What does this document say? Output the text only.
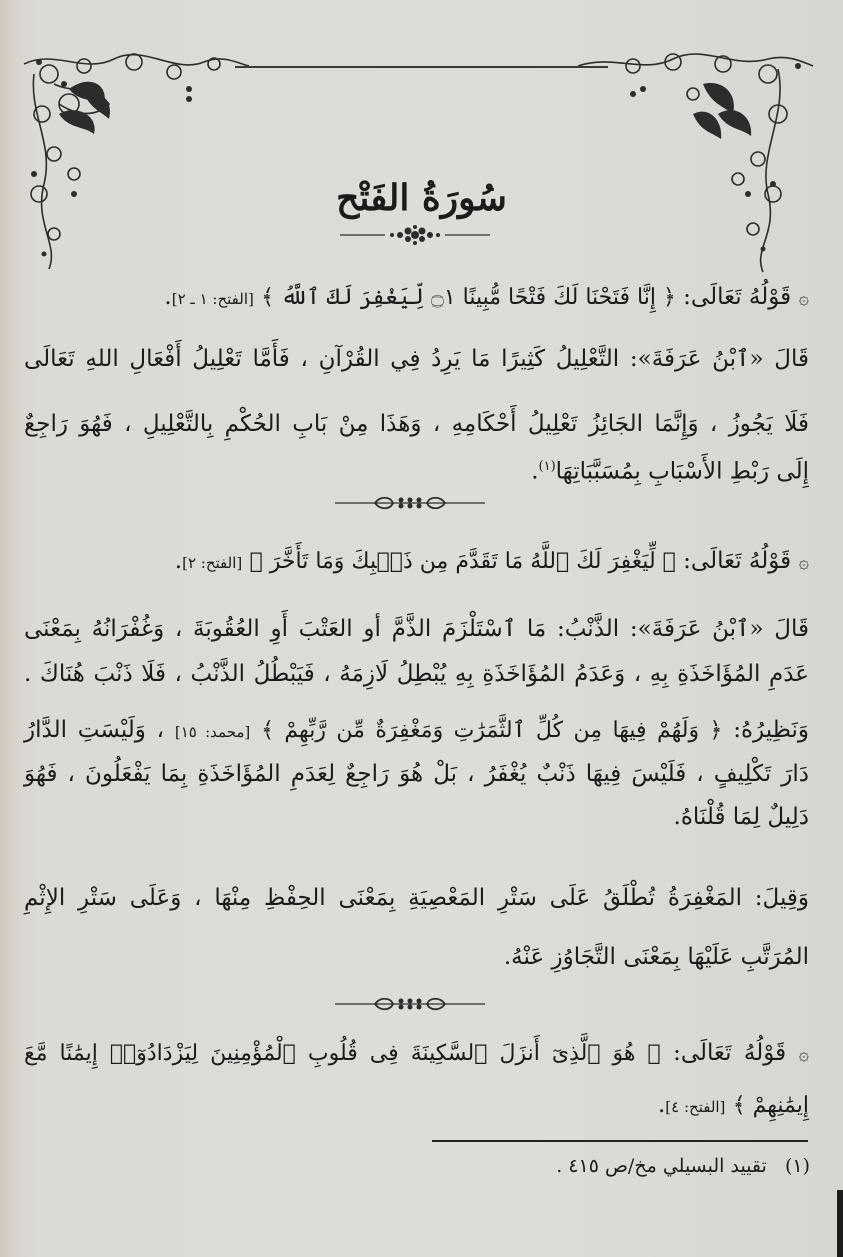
سُورَةُ الفَتْح
۞ قَوْلُهُ تَعَالَى: ﴿ إِنَّا فَتَحْنَا لَكَ فَتْحًا مُّبِينًا ۝١ لِّيَغْفِرَ لَكَ ٱللَّهُ ﴾ [الفتح: ١ ـ ٢].
قَالَ «ٱبْنُ عَرَفَةَ»: التَّعْلِيلُ كَثِيرًا مَا يَرِدُ فِي القُرْآنِ ، فَأَمَّا تَعْلِيلُ أَفْعَالِ اللهِ تَعَالَى
فَلَا يَجُوزُ ، وَإِنَّمَا الجَائِزُ تَعْلِيلُ أَحْكَامِهِ ، وَهَذَا مِنْ بَابِ الحُكْمِ بِالتَّعْلِيلِ ، فَهُوَ رَاجِعٌ
إِلَى رَبْطِ الأَسْبَابِ بِمُسَبَّبَاتِهَا$^{(١)}$.
۞ قَوْلُهُ تَعَالَى: ﴿ لِّيَغْفِرَ لَكَ ٱللَّهُ مَا تَقَدَّمَ مِن ذَنۢبِكَ وَمَا تَأَخَّرَ ﴾ [الفتح: ٢].
قَالَ «ٱبْنُ عَرَفَةَ»: الذَّنْبُ: مَا ٱسْتَلْزَمَ الذَّمَّ أو العَتْبَ أَوِ العُقُوبَةَ ، وَغُفْرَانُهُ بِمَعْنَى
عَدَمِ المُؤَاخَذَةِ بِهِ ، وَعَدَمُ المُؤَاخَذَةِ بِهِ يُبْطِلُ لَازِمَهُ ، فَيَبْطُلُ الذَّنْبُ ، فَلَا ذَنْبَ هُنَاكَ .
وَنَظِيرُهُ: ﴿ وَلَهُمْ فِيهَا مِن كُلِّ ٱلثَّمَرَٰتِ وَمَغْفِرَةٌ مِّن رَّبِّهِمْ ﴾ [محمد: ١٥] ، وَلَيْسَتِ الدَّارُ
دَارَ تَكْلِيفٍ ، فَلَيْسَ فِيهَا ذَنْبٌ يُغْفَرُ ، بَلْ هُوَ رَاجِعٌ لِعَدَمِ المُؤَاخَذَةِ بِمَا يَفْعَلُونَ ، فَهُوَ
دَلِيلٌ لِمَا قُلْنَاهُ.
وَقِيلَ: المَغْفِرَةُ تُطْلَقُ عَلَى سَتْرِ المَعْصِيَةِ بِمَعْنَى الحِفْظِ مِنْهَا ، وَعَلَى سَتْرِ الإِثْمِ
المُرَتَّبِ عَلَيْهَا بِمَعْنَى التَّجَاوُزِ عَنْهُ.
۞ قَوْلُهُ تَعَالَى: ﴿ هُوَ ٱلَّذِىٓ أَنزَلَ ٱلسَّكِينَةَ فِى قُلُوبِ ٱلْمُؤْمِنِينَ لِيَزْدَادُوٓا۟ إِيمَٰنًا مَّعَ
إِيمَٰنِهِمْ ﴾ [الفتح: ٤].
(١)   تقييد البسيلي مخ/ص ٤١٥ .
